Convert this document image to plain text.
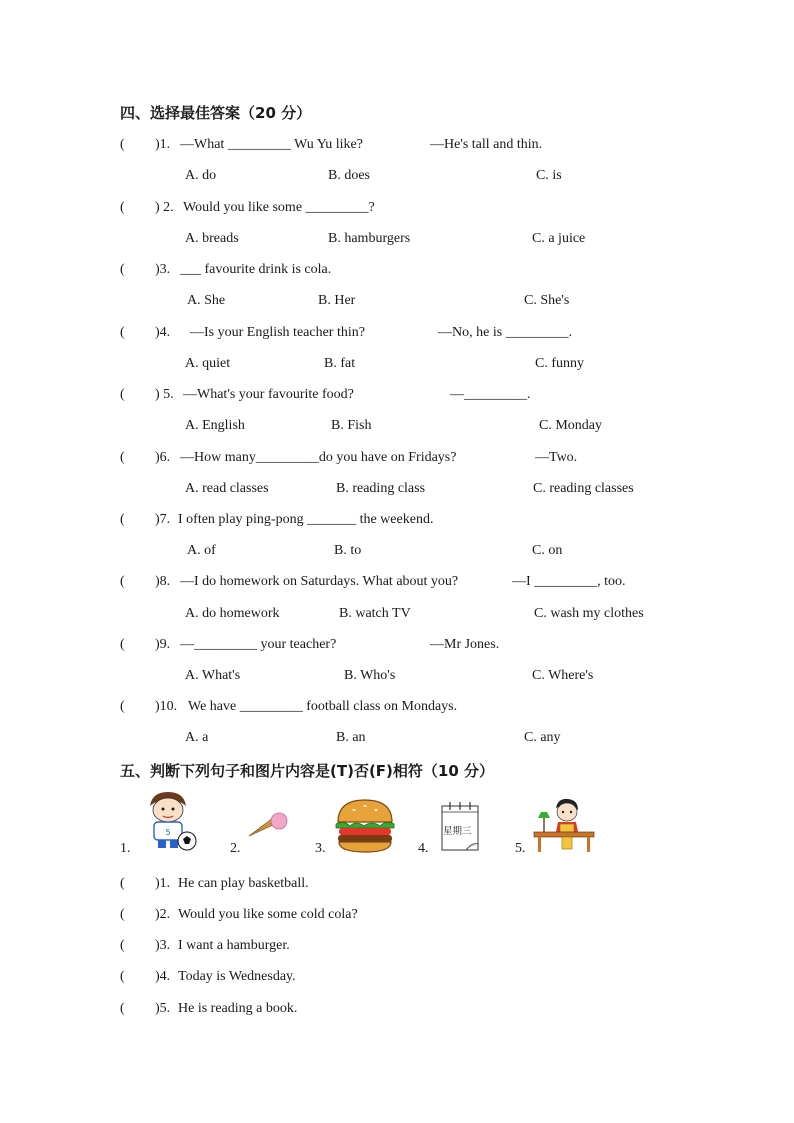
四、选择最佳答案（20 分）
( )1. —What _________ Wu Yu like?	—He's tall and thin.
A. do	B. does	C. is
( ) 2. Would you like some _________?
A. breads	B. hamburgers	C. a juice
( )3. ___ favourite drink is cola.
A. She	B. Her	C. She's
( )4. —Is your English teacher thin?	—No, he is _________.
A. quiet	B. fat	C. funny
( ) 5. —What's your favourite food?	—_________.
A. English	B. Fish	C. Monday
( )6. —How many_________do you have on Fridays?	—Two.
A. read classes	B. reading class	C. reading classes
( )7. I often play ping-pong _______ the weekend.
A. of	B. to	C. on
( )8. —I do homework on Saturdays. What about you?	—I _________, too.
A. do homework	B. watch TV	C. wash my clothes
( )9. —_________ your teacher?	—Mr Jones.
A. What's	B. Who's	C. Where's
( )10. We have _________ football class on Mondays.
A. a	B. an	C. any
五、判断下列句子和图片内容是(T)否(F)相符（10 分）
1.
5
2.	3.	4.
星期三
5.
( )1. He can play basketball.
( )2. Would you like some cold cola?
( )3. I want a hamburger.
( )4. Today is Wednesday.
( )5. He is reading a book.
